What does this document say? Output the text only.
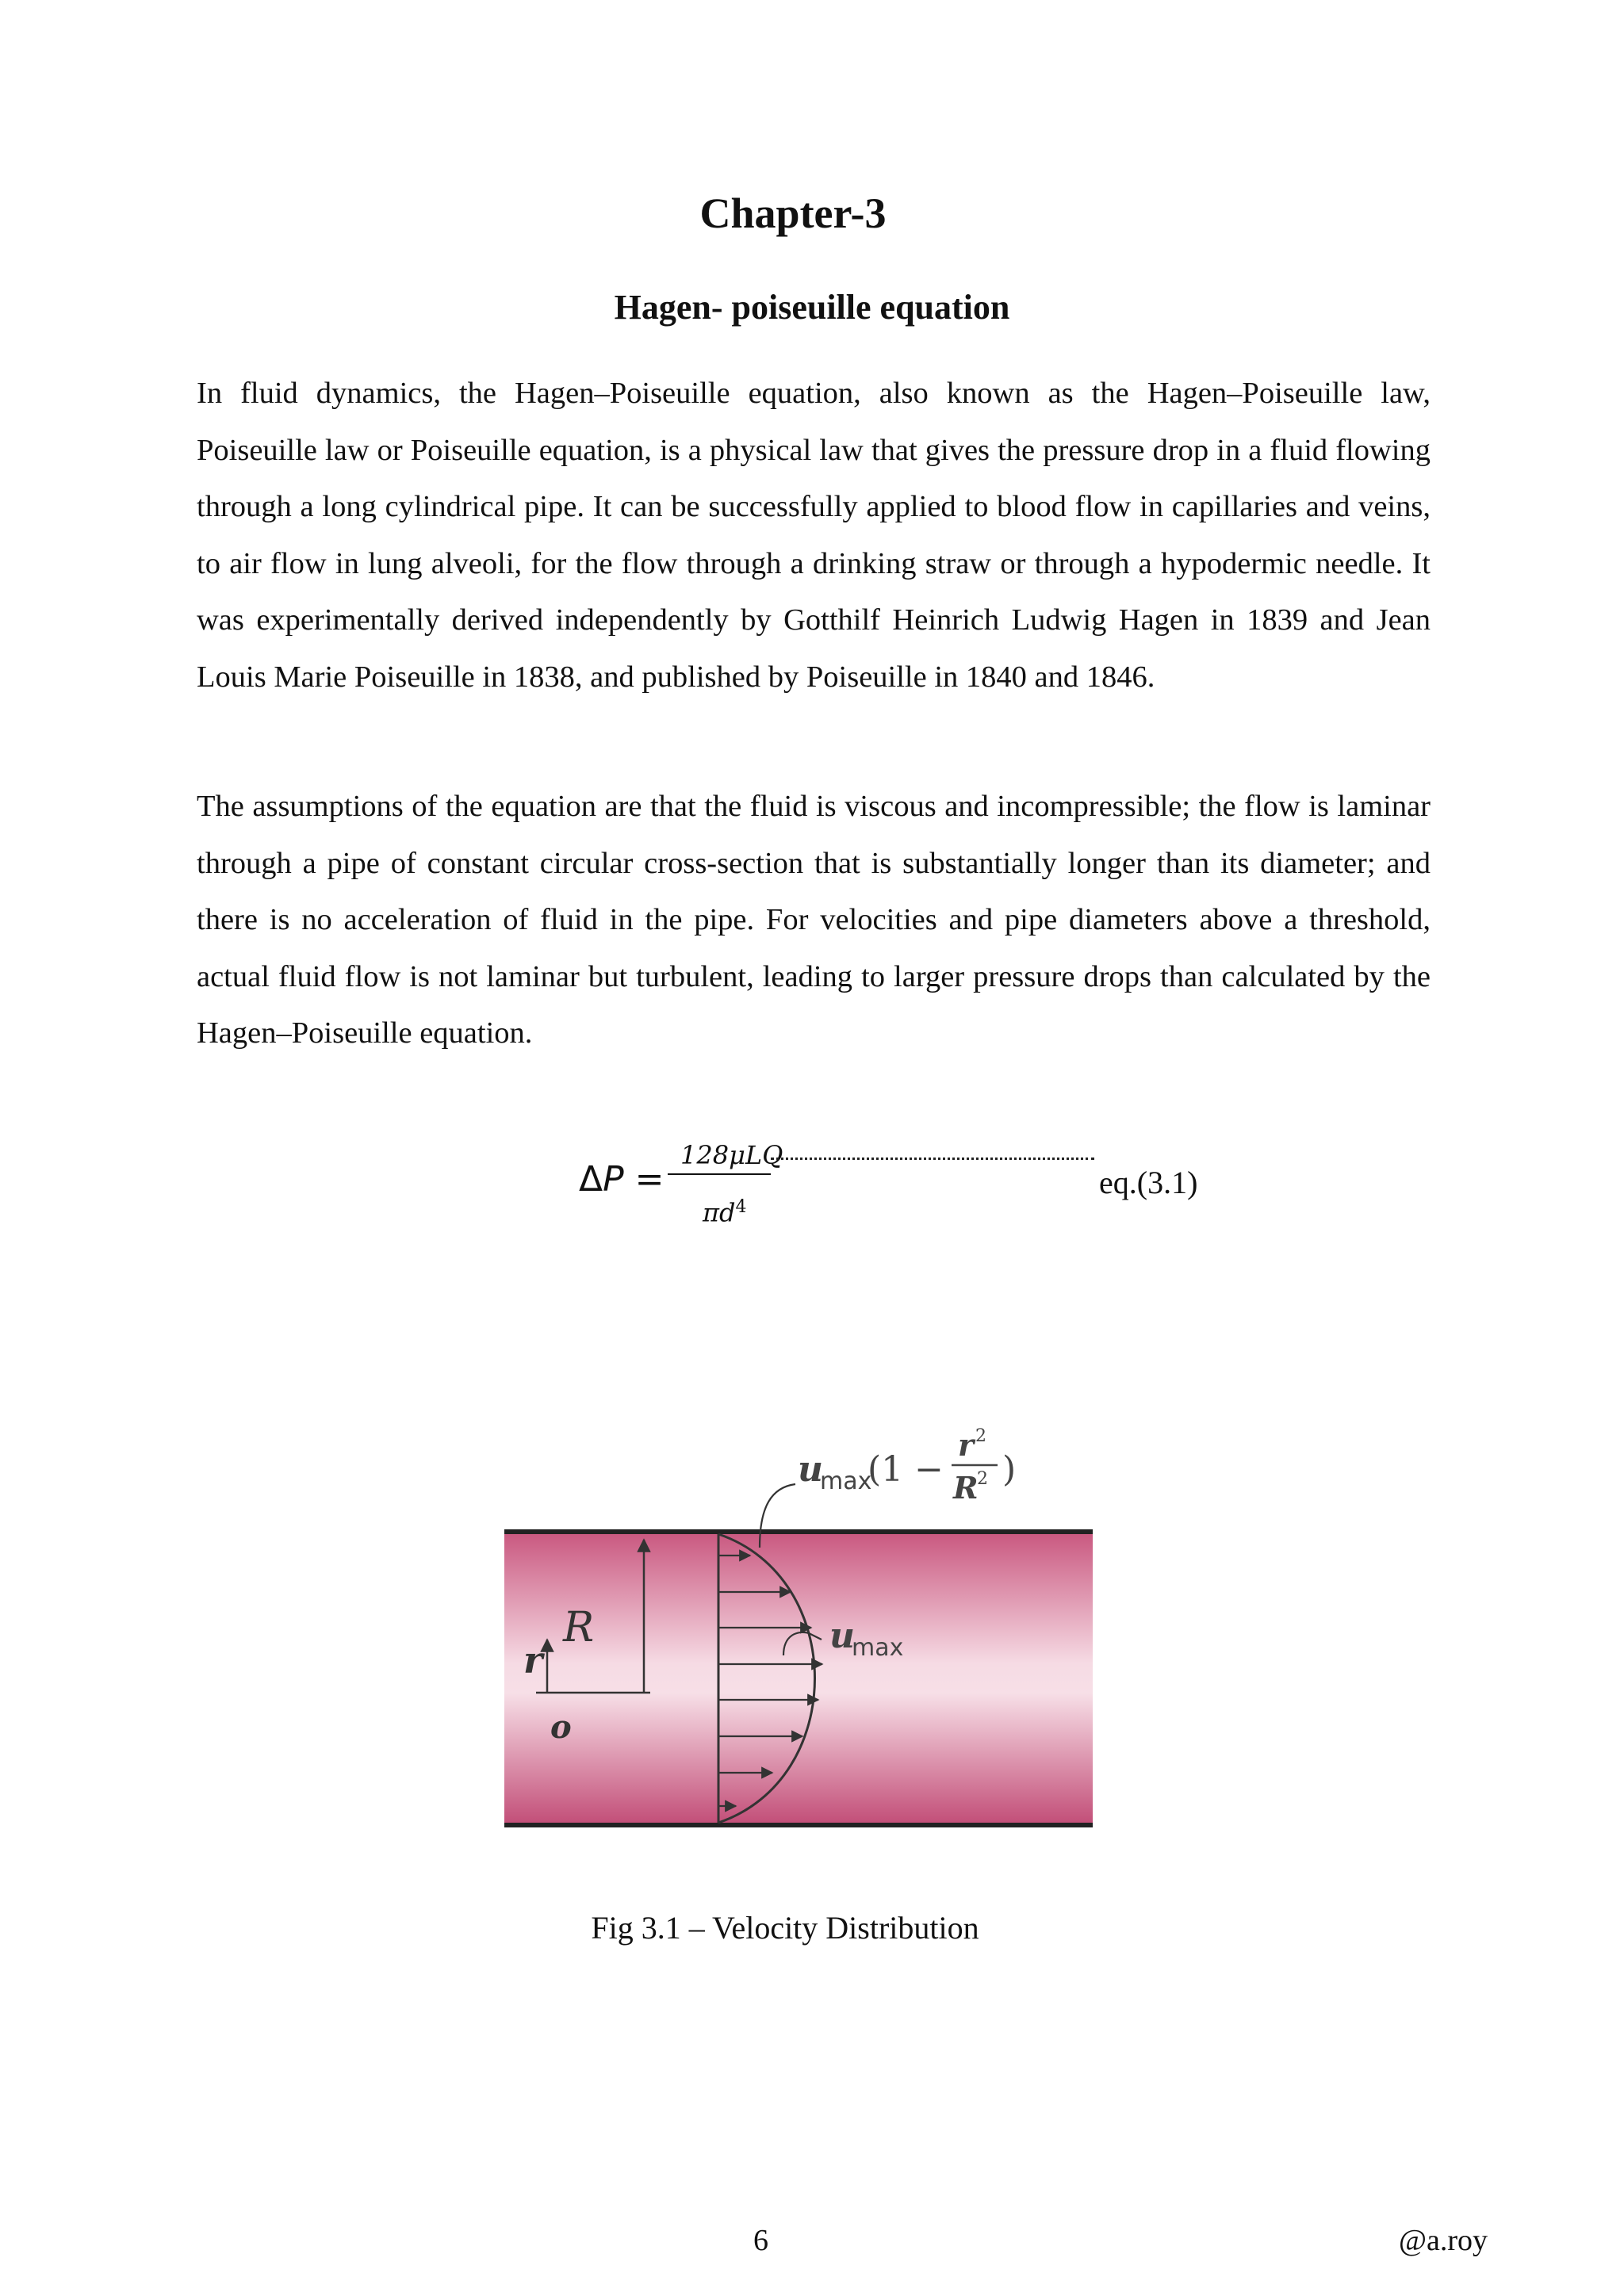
Chapter-3
Hagen- poiseuille equation

In fluid dynamics, the Hagen–Poiseuille equation, also known as the Hagen–Poiseuille law, Poiseuille law or Poiseuille equation, is a physical law that gives the pressure drop in a fluid flowing through a long cylindrical pipe. It can be successfully applied to blood flow in capillaries and veins, to air flow in lung alveoli, for the flow through a drinking straw or through a hypodermic needle. It was experimentally derived independently by Gotthilf Heinrich Ludwig Hagen in 1839 and Jean Louis Marie Poiseuille in 1838, and published by Poiseuille in 1840 and 1846.

The assumptions of the equation are that the fluid is viscous and incompressible; the flow is laminar through a pipe of constant circular cross-section that is substantially longer than its diameter; and there is no acceleration of fluid in the pipe. For velocities and pipe diameters above a threshold, actual fluid flow is not laminar but turbulent, leading to larger pressure drops than calculated by the Hagen–Poiseuille equation.

ΔP =
128μLQ
$\pi d^4$
eq.(3.1)
r
R
o
u
max
u
max
(1 −
r 2
R
2 )

Fig 3.1 – Velocity Distribution

6	@a.roy
